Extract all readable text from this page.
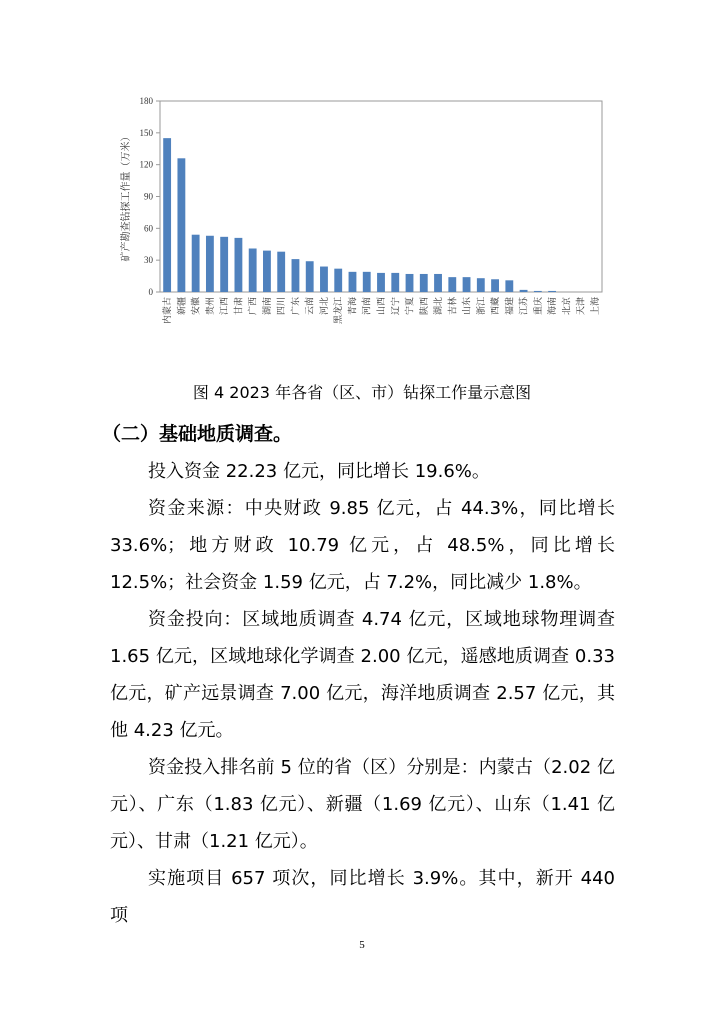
0
30
60
90
120
150
180
矿产勘查钻探工作量（万米）
内蒙古 新疆 安徽 贵州 江西 甘肃 广西 湖南 四川 广东 云南 河北 黑龙江 青海 河南 山西 辽宁 宁夏 陕西 湖北 吉林 山东 浙江 西藏 福建 江苏 重庆 海南 北京 天津 上海
图 4 2023 年各省（区、市）钻探工作量示意图

（二）基础地质调查。

投入资金 22.23 亿元，同比增长 19.6%。

资金来源：中央财政 9.85 亿元，占 44.3%，同比增长 33.6%；地方财政 10.79 亿元，占 48.5%，同比增长 12.5%；社会资金 1.59 亿元，占 7.2%，同比减少 1.8%。

资金投向：区域地质调查 4.74 亿元，区域地球物理调查 1.65 亿元，区域地球化学调查 2.00 亿元，遥感地质调查 0.33 亿元，矿产远景调查 7.00 亿元，海洋地质调查 2.57 亿元，其他 4.23 亿元。

资金投入排名前 5 位的省（区）分别是：内蒙古（2.02 亿元）、广东（1.83 亿元）、新疆（1.69 亿元）、山东（1.41 亿元）、甘肃（1.21 亿元）。

实施项目 657 项次，同比增长 3.9%。其中，新开 440 项

5
